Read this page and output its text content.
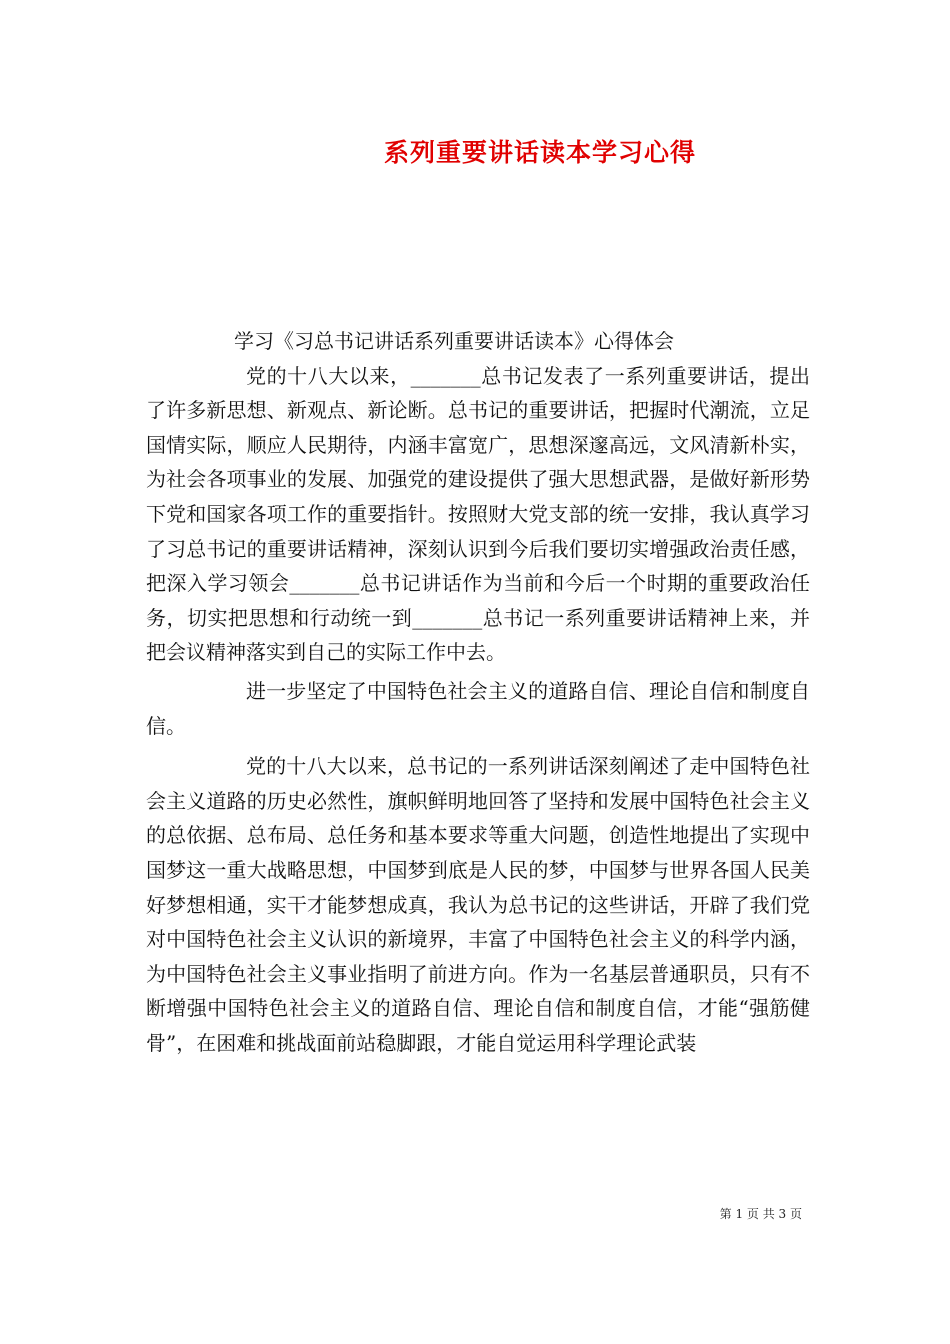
系列重要讲话读本学习心得
学习《习总书记讲话系列重要讲话读本》心得体会

党的十八大以来，_______总书记发表了一系列重要讲话，提出了许多新思想、新观点、新论断。总书记的重要讲话，把握时代潮流，立足国情实际，顺应人民期待，内涵丰富宽广，思想深邃高远，文风清新朴实，为社会各项事业的发展、加强党的建设提供了强大思想武器，是做好新形势下党和国家各项工作的重要指针。按照财大党支部的统一安排，我认真学习了习总书记的重要讲话精神，深刻认识到今后我们要切实增强政治责任感，把深入学习领会_______总书记讲话作为当前和今后一个时期的重要政治任务，切实把思想和行动统一到_______总书记一系列重要讲话精神上来，并把会议精神落实到自己的实际工作中去。

进一步坚定了中国特色社会主义的道路自信、理论自信和制度自信。

党的十八大以来，总书记的一系列讲话深刻阐述了走中国特色社会主义道路的历史必然性，旗帜鲜明地回答了坚持和发展中国特色社会主义的总依据、总布局、总任务和基本要求等重大问题，创造性地提出了实现中国梦这一重大战略思想，中国梦到底是人民的梦，中国梦与世界各国人民美好梦想相通，实干才能梦想成真，我认为总书记的这些讲话，开辟了我们党对中国特色社会主义认识的新境界，丰富了中国特色社会主义的科学内涵，为中国特色社会主义事业指明了前进方向。作为一名基层普通职员，只有不断增强中国特色社会主义的道路自信、理论自信和制度自信，才能“强筋健骨”，在困难和挑战面前站稳脚跟，才能自觉运用科学理论武装

第 1 页 共 3 页
